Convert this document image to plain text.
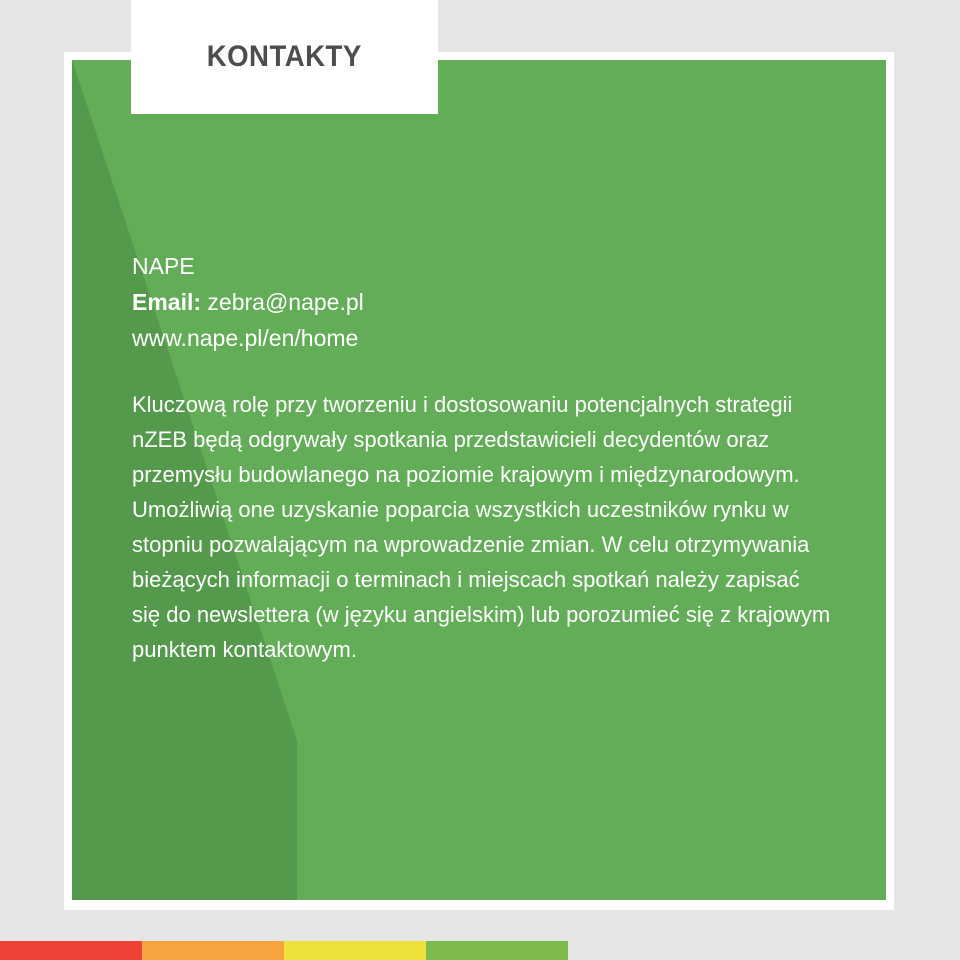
KONTAKTY
NAPE
Email: zebra@nape.pl
www.nape.pl/en/home

Kluczową rolę przy tworzeniu i dostosowaniu potencjalnych strategii nZEB będą odgrywały spotkania przedstawicieli decydentów oraz przemysłu budowlanego na poziomie krajowym i międzynarodowym. Umożliwią one uzyskanie poparcia wszystkich uczestników rynku w stopniu pozwalającym na wprowadzenie zmian. W celu otrzymywania bieżących informacji o terminach i miejscach spotkań należy zapisać się do newslettera (w języku angielskim) lub porozumieć się z krajowym punktem kontaktowym.
